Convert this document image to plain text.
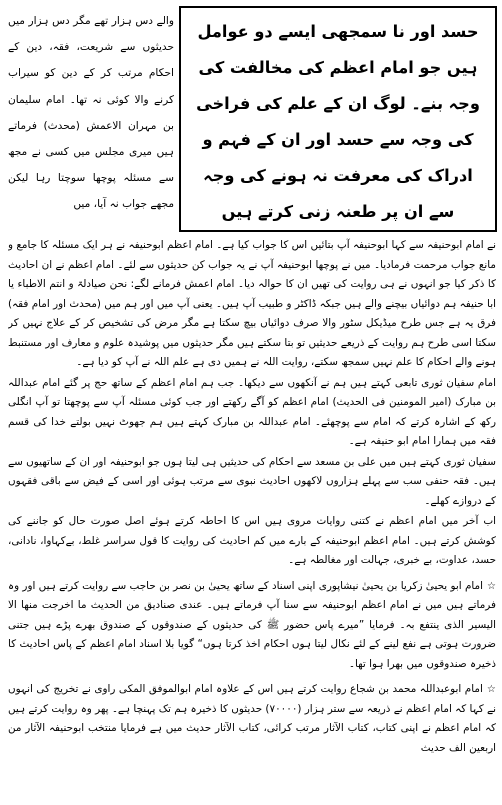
حسد اور نا سمجھی ایسے دو عوامل ہیں جو امام اعظم کی مخالفت کی وجہ بنے۔ لوگ ان کے علم کی فراخی کی وجہ سے حسد اور ان کے فہم و ادراک کی معرفت نہ ہونے کی وجہ سے ان پر طعنہ زنی کرتے ہیں
والے دس ہزار تھے مگر دس ہزار میں حدیثوں سے شریعت، فقہ، دین کے احکام مرتب کر کے دین کو سیراب کرنے والا کوئی نہ تھا۔ امام سلیمان بن مہران الاعمش (محدث) فرماتے ہیں میری مجلس میں کسی نے مجھ سے مسئلہ پوچھا سوچتا رہا لیکن مجھے جواب نہ آیا، میں

نے امام ابوحنیفہ سے کہا ابوحنیفہ آپ بتائیں اس کا جواب کیا ہے۔ امام اعظم ابوحنیفہ نے ہر ایک مسئلہ کا جامع و مانع جواب مرحمت فرمادیا۔ میں نے پوچھا ابوحنیفہ آپ نے یہ جواب کن حدیثوں سے لئے۔ امام اعظم نے ان احادیث کا ذکر کیا جو انہوں نے ہی روایت کی تھیں ان کا حوالہ دیا۔ امام اعمش فرمانے لگے: نحن صیادلۃ و انتم الاطباء یا ابا حنیفہ ہم دوائیاں بیچنے والے ہیں جبکہ ڈاکٹر و طبیب آپ ہیں۔ یعنی آپ میں اور ہم میں (محدث اور امام فقہ) فرق یہ ہے جس طرح میڈیکل سٹور والا صرف دوائیاں بیچ سکتا ہے مگر مرض کی تشخیص کر کے علاج نہیں کر سکتا اسی طرح ہم روایت کے ذریعے حدیثیں تو بتا سکتے ہیں مگر حدیثوں میں پوشیدہ علوم و معارف اور مستنبط ہونے والے احکام کا علم نہیں سمجھ سکتے، روایت اللہ نے ہمیں دی ہے علم اللہ نے آپ کو دیا ہے۔

امام سفیان ثوری تابعی کہتے ہیں ہم نے آنکھوں سے دیکھا۔ جب ہم امام اعظم کے ساتھ حج پر گئے امام عبداللہ بن مبارک (امیر المومنین فی الحدیث) امام اعظم کو آگے رکھتے اور جب کوئی مسئلہ آپ سے پوچھتا تو آپ انگلی رکھ کے اشارہ کرتے کہ امام سے پوچھئے۔ امام عبداللہ بن مبارک کہتے ہیں ہم جھوٹ نہیں بولتے خدا کی قسم فقہ میں ہمارا امام ابو حنیفہ ہے۔

سفیان ثوری کہتے ہیں میں علی بن مسعد سے احکام کی حدیثیں ہی لیتا ہوں جو ابوحنیفہ اور ان کے ساتھیوں سے ہیں۔ فقہ حنفی سب سے پہلے ہزاروں لاکھوں احادیث نبوی سے مرتب ہوئی اور اسی کے فیض سے باقی فقہوں کے دروازے کھلے۔

اب آخر میں امام اعظم نے کتنی روایات مروی ہیں اس کا احاطہ کرتے ہوئے اصل صورت حال کو جاننے کی کوشش کرتے ہیں۔ امام اعظم ابوحنیفہ کے بارے میں کم احادیث کی روایت کا قول سراسر غلط، بےکہاوا، نادانی، حسد، عداوت، بے خبری، جہالت اور مغالطہ ہے۔

☆امام ابو یحییٰ زکریا بن یحییٰ نیشاپوری اپنی اسناد کے ساتھ یحییٰ بن نصر بن حاجب سے روایت کرتے ہیں اور وہ فرماتے ہیں میں نے امام اعظم ابوحنیفہ سے سنا آپ فرماتے ہیں۔ عندی صنادیق من الحدیث ما اخرجت منھا الا الیسیر الذی ینتفع بہ۔ فرمایا ”میرے پاس حضور ﷺ کی حدیثوں کے صندوقوں کے صندوق بھرے پڑے ہیں جتنی ضرورت ہوتی ہے نفع لینے کے لئے نکال لیتا ہوں احکام اخذ کرتا ہوں“ گویا بلا اسناد امام اعظم کے پاس احادیث کا ذخیرہ صندوقوں میں بھرا ہوا تھا۔

☆امام ابوعبداللہ محمد بن شجاع روایت کرتے ہیں اس کے علاوہ امام ابوالموفق المکی راوی نے تخریج کی انہوں نے کہا کہ امام اعظم نے ذریعہ سے ستر ہزار (۷۰۰۰۰) حدیثوں کا ذخیرہ ہم تک پہنچا ہے۔ پھر وہ روایت کرتے ہیں کہ امام اعظم نے اپنی کتاب، کتاب الآثار مرتب کرائی، کتاب الآثار حدیث میں ہے فرمایا منتخب ابوحنیفہ الآثار من اربعین الف حدیث
